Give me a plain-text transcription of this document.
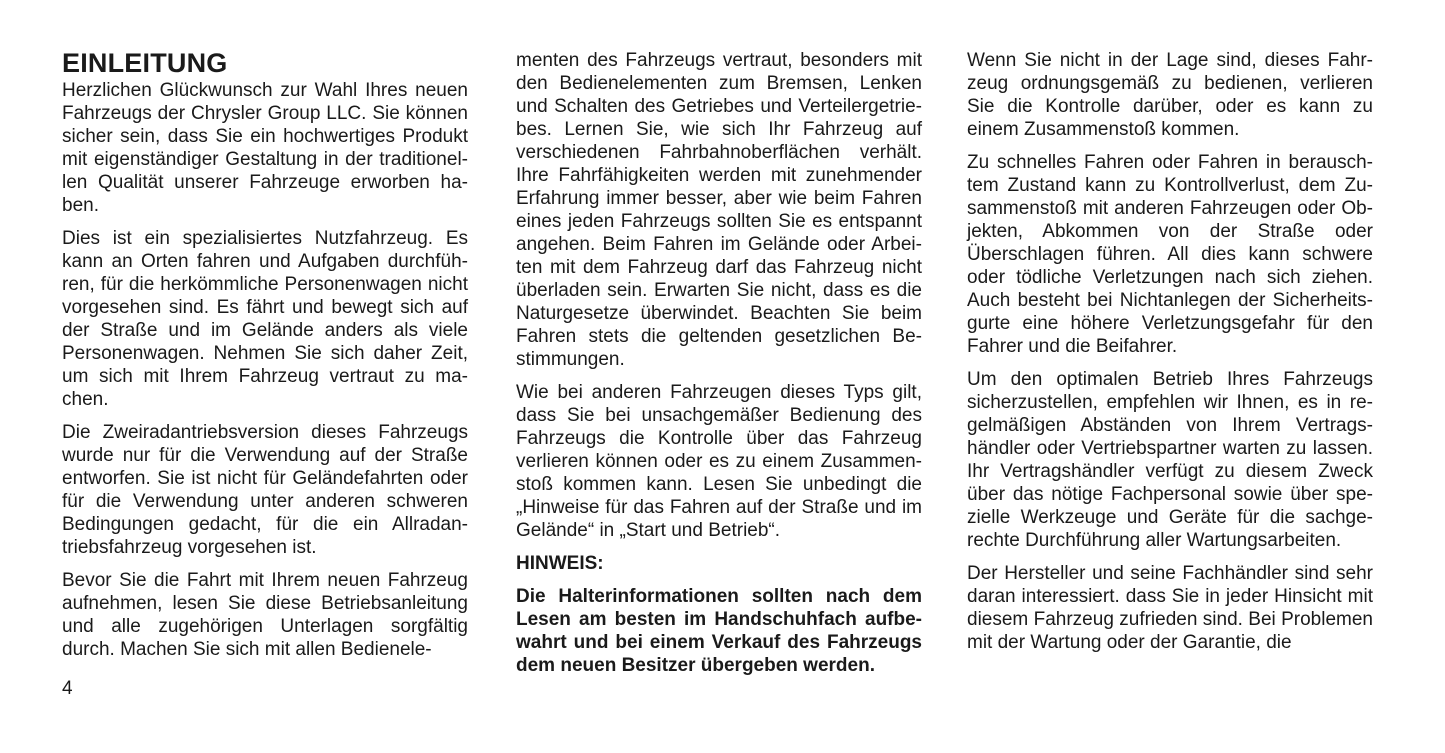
EINLEITUNG

Herzlichen Glückwunsch zur Wahl Ihres neuen Fahrzeugs der Chrysler Group LLC. Sie können sicher sein, dass Sie ein hochwertiges Produkt mit eigenständiger Gestaltung in der traditionellen Qualität unserer Fahrzeuge erworben haben.

Dies ist ein spezialisiertes Nutzfahrzeug. Es kann an Orten fahren und Aufgaben durchführen, für die herkömmliche Personenwagen nicht vorgesehen sind. Es fährt und bewegt sich auf der Straße und im Gelände anders als viele Personenwagen. Nehmen Sie sich daher Zeit, um sich mit Ihrem Fahrzeug vertraut zu machen.

Die Zweiradantriebsversion dieses Fahrzeugs wurde nur für die Verwendung auf der Straße entworfen. Sie ist nicht für Geländefahrten oder für die Verwendung unter anderen schweren Bedingungen gedacht, für die ein Allradantriebsfahrzeug vorgesehen ist.

Bevor Sie die Fahrt mit Ihrem neuen Fahrzeug aufnehmen, lesen Sie diese Betriebsanleitung und alle zugehörigen Unterlagen sorgfältig durch. Machen Sie sich mit allen Bedienele-

menten des Fahrzeugs vertraut, besonders mit den Bedienelementen zum Bremsen, Lenken und Schalten des Getriebes und Verteilergetriebes. Lernen Sie, wie sich Ihr Fahrzeug auf verschiedenen Fahrbahnoberflächen verhält. Ihre Fahrfähigkeiten werden mit zunehmender Erfahrung immer besser, aber wie beim Fahren eines jeden Fahrzeugs sollten Sie es entspannt angehen. Beim Fahren im Gelände oder Arbeiten mit dem Fahrzeug darf das Fahrzeug nicht überladen sein. Erwarten Sie nicht, dass es die Naturgesetze überwindet. Beachten Sie beim Fahren stets die geltenden gesetzlichen Bestimmungen.

Wie bei anderen Fahrzeugen dieses Typs gilt, dass Sie bei unsachgemäßer Bedienung des Fahrzeugs die Kontrolle über das Fahrzeug verlieren können oder es zu einem Zusammenstoß kommen kann. Lesen Sie unbedingt die „Hinweise für das Fahren auf der Straße und im Gelände“ in „Start und Betrieb“.

HINWEIS:

Die Halterinformationen sollten nach dem Lesen am besten im Handschuhfach aufbewahrt und bei einem Verkauf des Fahrzeugs dem neuen Besitzer übergeben werden.

Wenn Sie nicht in der Lage sind, dieses Fahrzeug ordnungsgemäß zu bedienen, verlieren Sie die Kontrolle darüber, oder es kann zu einem Zusammenstoß kommen.

Zu schnelles Fahren oder Fahren in berauschtem Zustand kann zu Kontrollverlust, dem Zusammenstoß mit anderen Fahrzeugen oder Objekten, Abkommen von der Straße oder Überschlagen führen. All dies kann schwere oder tödliche Verletzungen nach sich ziehen. Auch besteht bei Nichtanlegen der Sicherheitsgurte eine höhere Verletzungsgefahr für den Fahrer und die Beifahrer.

Um den optimalen Betrieb Ihres Fahrzeugs sicherzustellen, empfehlen wir Ihnen, es in regelmäßigen Abständen von Ihrem Vertragshändler oder Vertriebspartner warten zu lassen. Ihr Vertragshändler verfügt zu diesem Zweck über das nötige Fachpersonal sowie über spezielle Werkzeuge und Geräte für die sachgerechte Durchführung aller Wartungsarbeiten.

Der Hersteller und seine Fachhändler sind sehr daran interessiert. dass Sie in jeder Hinsicht mit diesem Fahrzeug zufrieden sind. Bei Problemen mit der Wartung oder der Garantie, die

4
